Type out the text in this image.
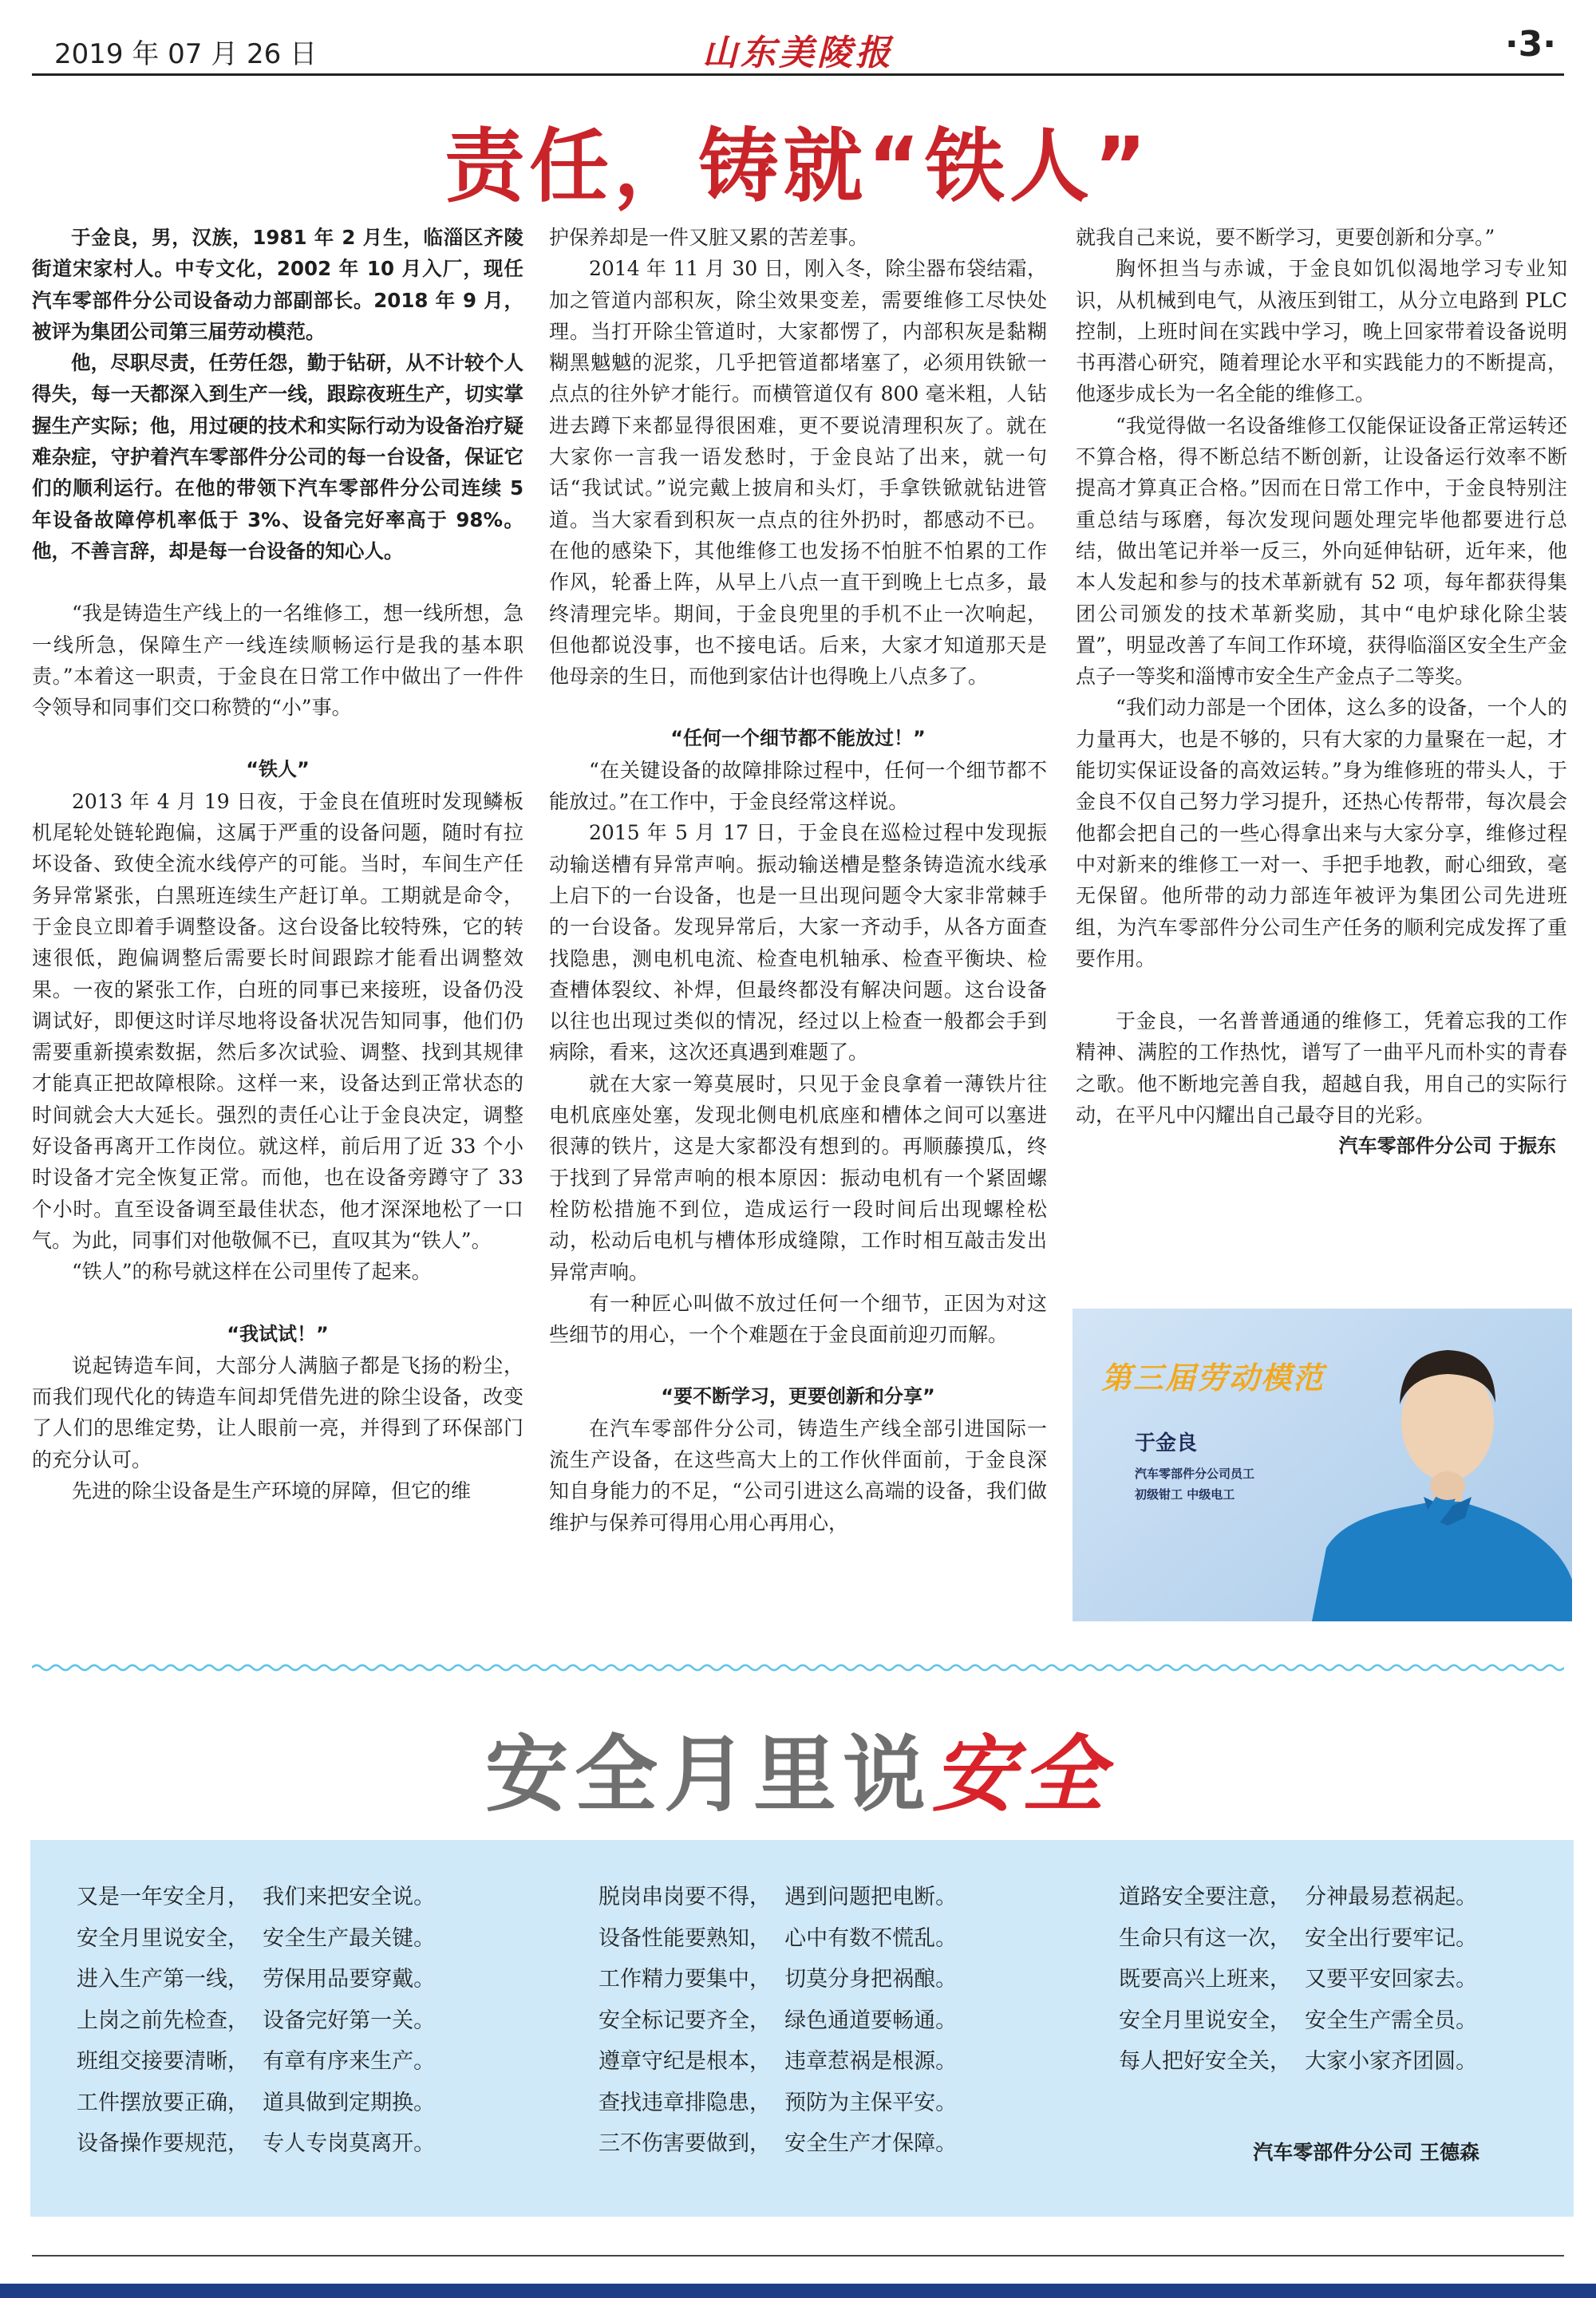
2019 年 07 月 26 日	山东美陵报	·3·
责任，铸就“铁人”

于金良，男，汉族，1981 年 2 月生，临淄区齐陵街道宋家村人。中专文化，2002 年 10 月入厂，现任汽车零部件分公司设备动力部副部长。2018 年 9 月，被评为集团公司第三届劳动模范。

他，尽职尽责，任劳任怨，勤于钻研，从不计较个人得失，每一天都深入到生产一线，跟踪夜班生产，切实掌握生产实际；他，用过硬的技术和实际行动为设备治疗疑难杂症，守护着汽车零部件分公司的每一台设备，保证它们的顺利运行。在他的带领下汽车零部件分公司连续 5 年设备故障停机率低于 3%、设备完好率高于 98%。他，不善言辞，却是每一台设备的知心人。

“我是铸造生产线上的一名维修工，想一线所想，急一线所急，保障生产一线连续顺畅运行是我的基本职责。”本着这一职责，于金良在日常工作中做出了一件件令领导和同事们交口称赞的“小”事。

“铁人”

2013 年 4 月 19 日夜，于金良在值班时发现鳞板机尾轮处链轮跑偏，这属于严重的设备问题，随时有拉坏设备、致使全流水线停产的可能。当时，车间生产任务异常紧张，白黑班连续生产赶订单。工期就是命令，于金良立即着手调整设备。这台设备比较特殊，它的转速很低，跑偏调整后需要长时间跟踪才能看出调整效果。一夜的紧张工作，白班的同事已来接班，设备仍没调试好，即便这时详尽地将设备状况告知同事，他们仍需要重新摸索数据，然后多次试验、调整、找到其规律才能真正把故障根除。这样一来，设备达到正常状态的时间就会大大延长。强烈的责任心让于金良决定，调整好设备再离开工作岗位。就这样，前后用了近 33 个小时设备才完全恢复正常。而他，也在设备旁蹲守了 33 个小时。直至设备调至最佳状态，他才深深地松了一口气。为此，同事们对他敬佩不已，直叹其为“铁人”。

“铁人”的称号就这样在公司里传了起来。

“我试试！”

说起铸造车间，大部分人满脑子都是飞扬的粉尘，而我们现代化的铸造车间却凭借先进的除尘设备，改变了人们的思维定势，让人眼前一亮，并得到了环保部门的充分认可。

先进的除尘设备是生产环境的屏障，但它的维

护保养却是一件又脏又累的苦差事。

2014 年 11 月 30 日，刚入冬，除尘器布袋结霜，加之管道内部积灰，除尘效果变差，需要维修工尽快处理。当打开除尘管道时，大家都愣了，内部积灰是黏糊糊黑魆魆的泥浆，几乎把管道都堵塞了，必须用铁锨一点点的往外铲才能行。而横管道仅有 800 毫米粗，人钻进去蹲下来都显得很困难，更不要说清理积灰了。就在大家你一言我一语发愁时，于金良站了出来，就一句话“我试试。”说完戴上披肩和头灯，手拿铁锨就钻进管道。当大家看到积灰一点点的往外扔时，都感动不已。在他的感染下，其他维修工也发扬不怕脏不怕累的工作作风，轮番上阵，从早上八点一直干到晚上七点多，最终清理完毕。期间，于金良兜里的手机不止一次响起，但他都说没事，也不接电话。后来，大家才知道那天是他母亲的生日，而他到家估计也得晚上八点多了。

“任何一个细节都不能放过！”

“在关键设备的故障排除过程中，任何一个细节都不能放过。”在工作中，于金良经常这样说。

2015 年 5 月 17 日，于金良在巡检过程中发现振动输送槽有异常声响。振动输送槽是整条铸造流水线承上启下的一台设备，也是一旦出现问题令大家非常棘手的一台设备。发现异常后，大家一齐动手，从各方面查找隐患，测电机电流、检查电机轴承、检查平衡块、检查槽体裂纹、补焊，但最终都没有解决问题。这台设备以往也出现过类似的情况，经过以上检查一般都会手到病除，看来，这次还真遇到难题了。

就在大家一筹莫展时，只见于金良拿着一薄铁片往电机底座处塞，发现北侧电机底座和槽体之间可以塞进很薄的铁片，这是大家都没有想到的。再顺藤摸瓜，终于找到了异常声响的根本原因：振动电机有一个紧固螺栓防松措施不到位，造成运行一段时间后出现螺栓松动，松动后电机与槽体形成缝隙，工作时相互敲击发出异常声响。

有一种匠心叫做不放过任何一个细节，正因为对这些细节的用心，一个个难题在于金良面前迎刃而解。

“要不断学习，更要创新和分享”

在汽车零部件分公司，铸造生产线全部引进国际一流生产设备，在这些高大上的工作伙伴面前，于金良深知自身能力的不足，“公司引进这么高端的设备，我们做维护与保养可得用心用心再用心，

就我自己来说，要不断学习，更要创新和分享。”

胸怀担当与赤诚，于金良如饥似渴地学习专业知识，从机械到电气，从液压到钳工，从分立电路到 PLC 控制，上班时间在实践中学习，晚上回家带着设备说明书再潜心研究，随着理论水平和实践能力的不断提高，他逐步成长为一名全能的维修工。

“我觉得做一名设备维修工仅能保证设备正常运转还不算合格，得不断总结不断创新，让设备运行效率不断提高才算真正合格。”因而在日常工作中，于金良特别注重总结与琢磨，每次发现问题处理完毕他都要进行总结，做出笔记并举一反三，外向延伸钻研，近年来，他本人发起和参与的技术革新就有 52 项，每年都获得集团公司颁发的技术革新奖励，其中“电炉球化除尘装置”，明显改善了车间工作环境，获得临淄区安全生产金点子一等奖和淄博市安全生产金点子二等奖。

“我们动力部是一个团体，这么多的设备，一个人的力量再大，也是不够的，只有大家的力量聚在一起，才能切实保证设备的高效运转。”身为维修班的带头人，于金良不仅自己努力学习提升，还热心传帮带，每次晨会他都会把自己的一些心得拿出来与大家分享，维修过程中对新来的维修工一对一、手把手地教，耐心细致，毫无保留。他所带的动力部连年被评为集团公司先进班组，为汽车零部件分公司生产任务的顺利完成发挥了重要作用。

于金良，一名普普通通的维修工，凭着忘我的工作精神、满腔的工作热忱，谱写了一曲平凡而朴实的青春之歌。他不断地完善自我，超越自我，用自己的实际行动，在平凡中闪耀出自己最夺目的光彩。

汽车零部件分公司 于振东

第三届劳动模范
于金良
汽车零部件分公司员工
初级钳工 中级电工
安全月里说安全
又是一年安全月，  我们来把安全说。
安全月里说安全，  安全生产最关键。
进入生产第一线，  劳保用品要穿戴。
上岗之前先检查，  设备完好第一关。
班组交接要清晰，  有章有序来生产。
工件摆放要正确，  道具做到定期换。
设备操作要规范，  专人专岗莫离开。
脱岗串岗要不得，  遇到问题把电断。
设备性能要熟知，  心中有数不慌乱。
工作精力要集中，  切莫分身把祸酿。
安全标记要齐全，  绿色通道要畅通。
遵章守纪是根本，  违章惹祸是根源。
查找违章排隐患，  预防为主保平安。
三不伤害要做到，  安全生产才保障。
道路安全要注意，  分神最易惹祸起。
生命只有这一次，  安全出行要牢记。
既要高兴上班来，  又要平安回家去。
安全月里说安全，  安全生产需全员。
每人把好安全关，  大家小家齐团圆。
汽车零部件分公司 王德森
